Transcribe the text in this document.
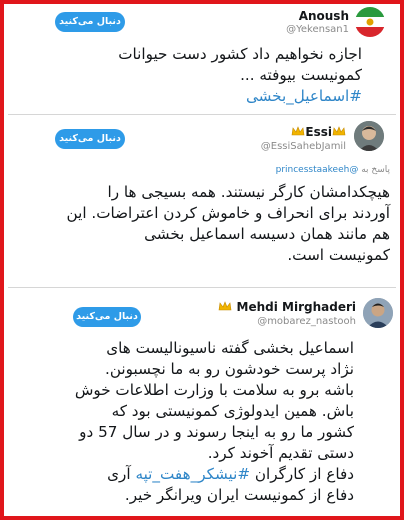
Anoush
@Yekensan1
دنبال می‌کنید
اجازه نخواهیم داد کشور دست حیوانات
کمونیست بیوفته ...
#اسماعیل_بخشی
Essi
@EssiSahebJamil
دنبال می‌کنید
پاسخ به @princesstaakeeh
هیچکدامشان کارگر نیستند. همه بسیجی ها را
آوردند برای انحراف و خاموش کردن اعتراضات. این
هم مانند همان دسیسه اسماعیل بخشی
کمونیست است.
Mehdi Mirghaderi
@mobarez_nastooh
دنبال می‌کنید
اسماعیل بخشی گفته ناسیونالیست های
نژاد پرست خودشون رو به ما نچسبونن.
باشه برو به سلامت با وزارت اطلاعات خوش
باش. همین ایدولوژی کمونیستی بود که
کشور ما رو به اینجا رسوند و در سال 57 دو
دستی تقدیم آخوند کرد.
دفاع از کارگران #نیشکر_هفت_تپه آری
دفاع از کمونیست ایران ویرانگر خیر.
